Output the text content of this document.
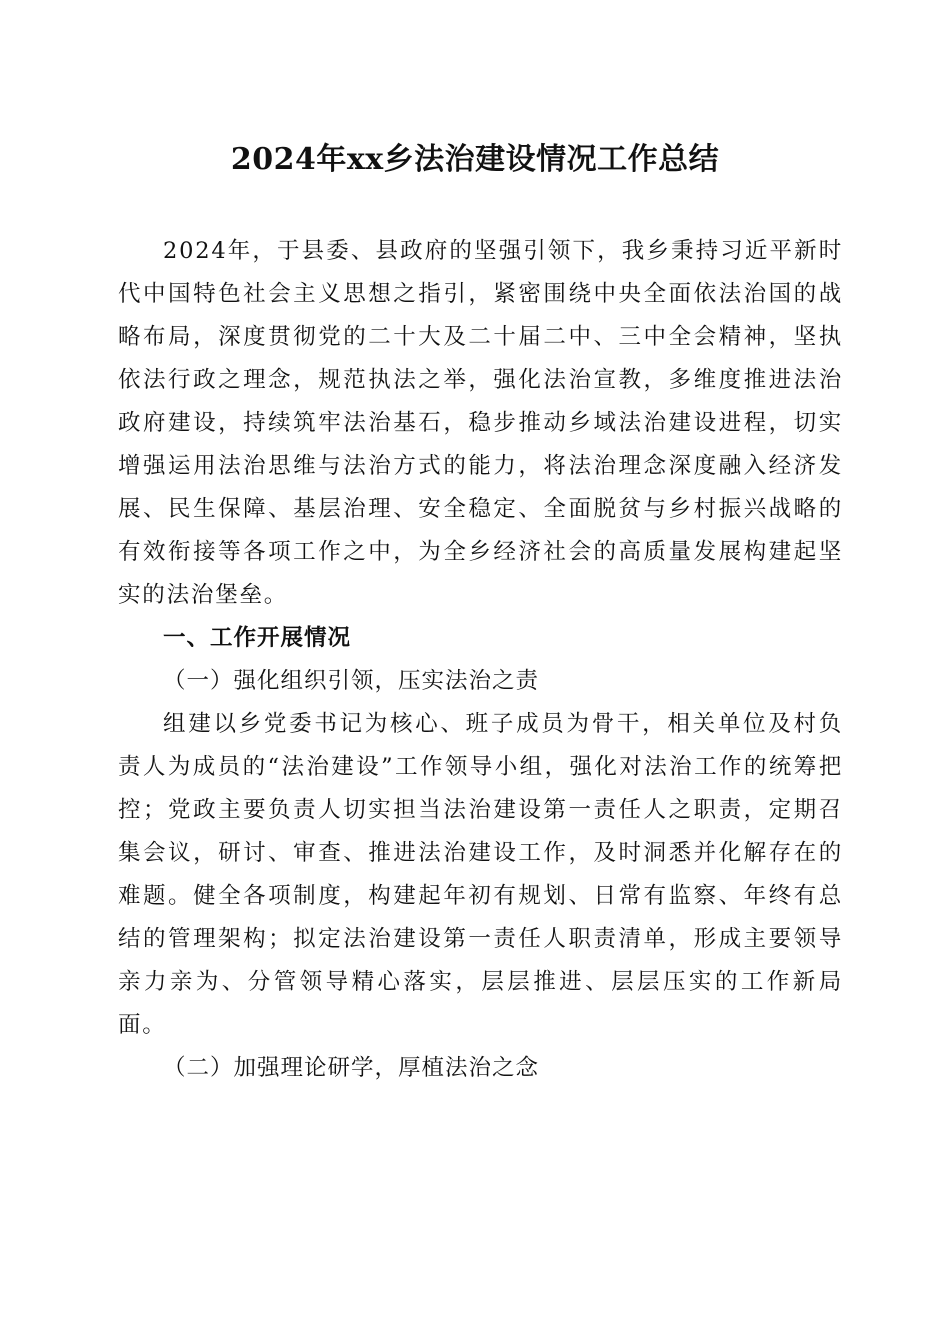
2024年xx乡法治建设情况工作总结

2024年，于县委、县政府的坚强引领下，我乡秉持习近平新时代中国特色社会主义思想之指引，紧密围绕中央全面依法治国的战略布局，深度贯彻党的二十大及二十届二中、三中全会精神，坚执依法行政之理念，规范执法之举，强化法治宣教，多维度推进法治政府建设，持续筑牢法治基石，稳步推动乡域法治建设进程，切实增强运用法治思维与法治方式的能力，将法治理念深度融入经济发展、民生保障、基层治理、安全稳定、全面脱贫与乡村振兴战略的有效衔接等各项工作之中，为全乡经济社会的高质量发展构建起坚实的法治堡垒。

一、工作开展情况

（一）强化组织引领，压实法治之责

组建以乡党委书记为核心、班子成员为骨干，相关单位及村负责人为成员的“法治建设”工作领导小组，强化对法治工作的统筹把控；党政主要负责人切实担当法治建设第一责任人之职责，定期召集会议，研讨、审查、推进法治建设工作，及时洞悉并化解存在的难题。健全各项制度，构建起年初有规划、日常有监察、年终有总结的管理架构；拟定法治建设第一责任人职责清单，形成主要领导亲力亲为、分管领导精心落实，层层推进、层层压实的工作新局面。

（二）加强理论研学，厚植法治之念
